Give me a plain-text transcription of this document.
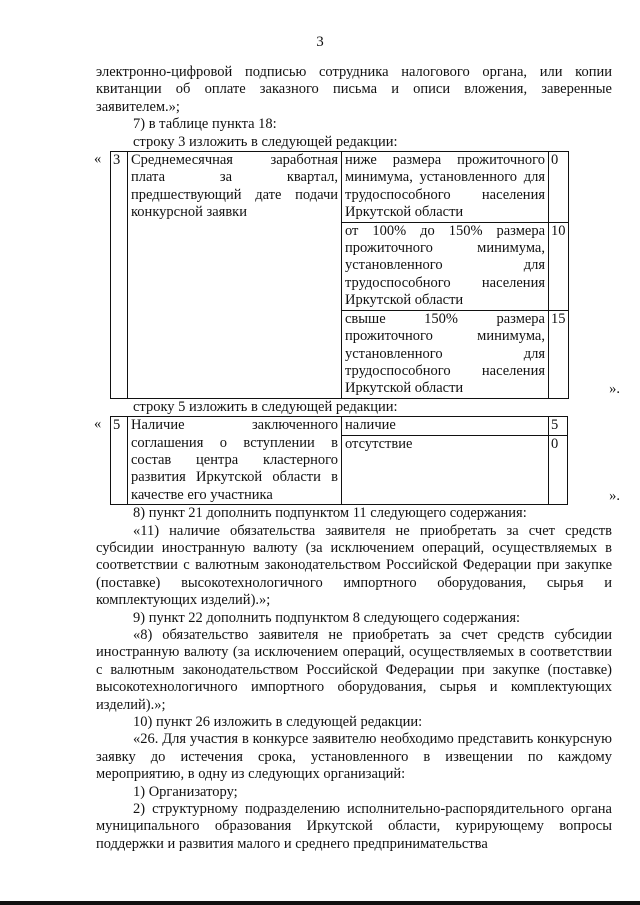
3

электронно-цифровой подписью сотрудника налогового органа, или копии квитанции об оплате заказного письма и описи вложения, заверенные заявителем.»;

7) в таблице пункта 18:

строку 3 изложить в следующей редакции:

« 3	Среднемесячная заработная плата за квартал, предшествующий дате подачи конкурсной заявки	ниже размера прожиточного минимума, установленного для трудоспособного населения Иркутской области	0
		от 100% до 150% размера прожиточного минимума, установленного для трудоспособного населения Иркутской области	10
		свыше 150% размера прожиточного минимума, установленного для трудоспособного населения Иркутской области	15
».

строку 5 изложить в следующей редакции:

« 5	Наличие заключенного соглашения о вступлении в состав центра кластерного развития Иркутской области в качестве его участника	наличие	5
		отсутствие	0
».

8) пункт 21 дополнить подпунктом 11 следующего содержания:

«11) наличие обязательства заявителя не приобретать за счет средств субсидии иностранную валюту (за исключением операций, осуществляемых в соответствии с валютным законодательством Российской Федерации при закупке (поставке) высокотехнологичного импортного оборудования, сырья и комплектующих изделий).»;

9) пункт 22 дополнить подпунктом 8 следующего содержания:

«8) обязательство заявителя не приобретать за счет средств субсидии иностранную валюту (за исключением операций, осуществляемых в соответствии с валютным законодательством Российской Федерации при закупке (поставке) высокотехнологичного импортного оборудования, сырья и комплектующих изделий).»;

10) пункт 26 изложить в следующей редакции:

«26. Для участия в конкурсе заявителю необходимо представить конкурсную заявку до истечения срока, установленного в извещении по каждому мероприятию, в одну из следующих организаций:

1) Организатору;

2) структурному подразделению исполнительно-распорядительного органа муниципального образования Иркутской области, курирующему вопросы поддержки и развития малого и среднего предпринимательства
